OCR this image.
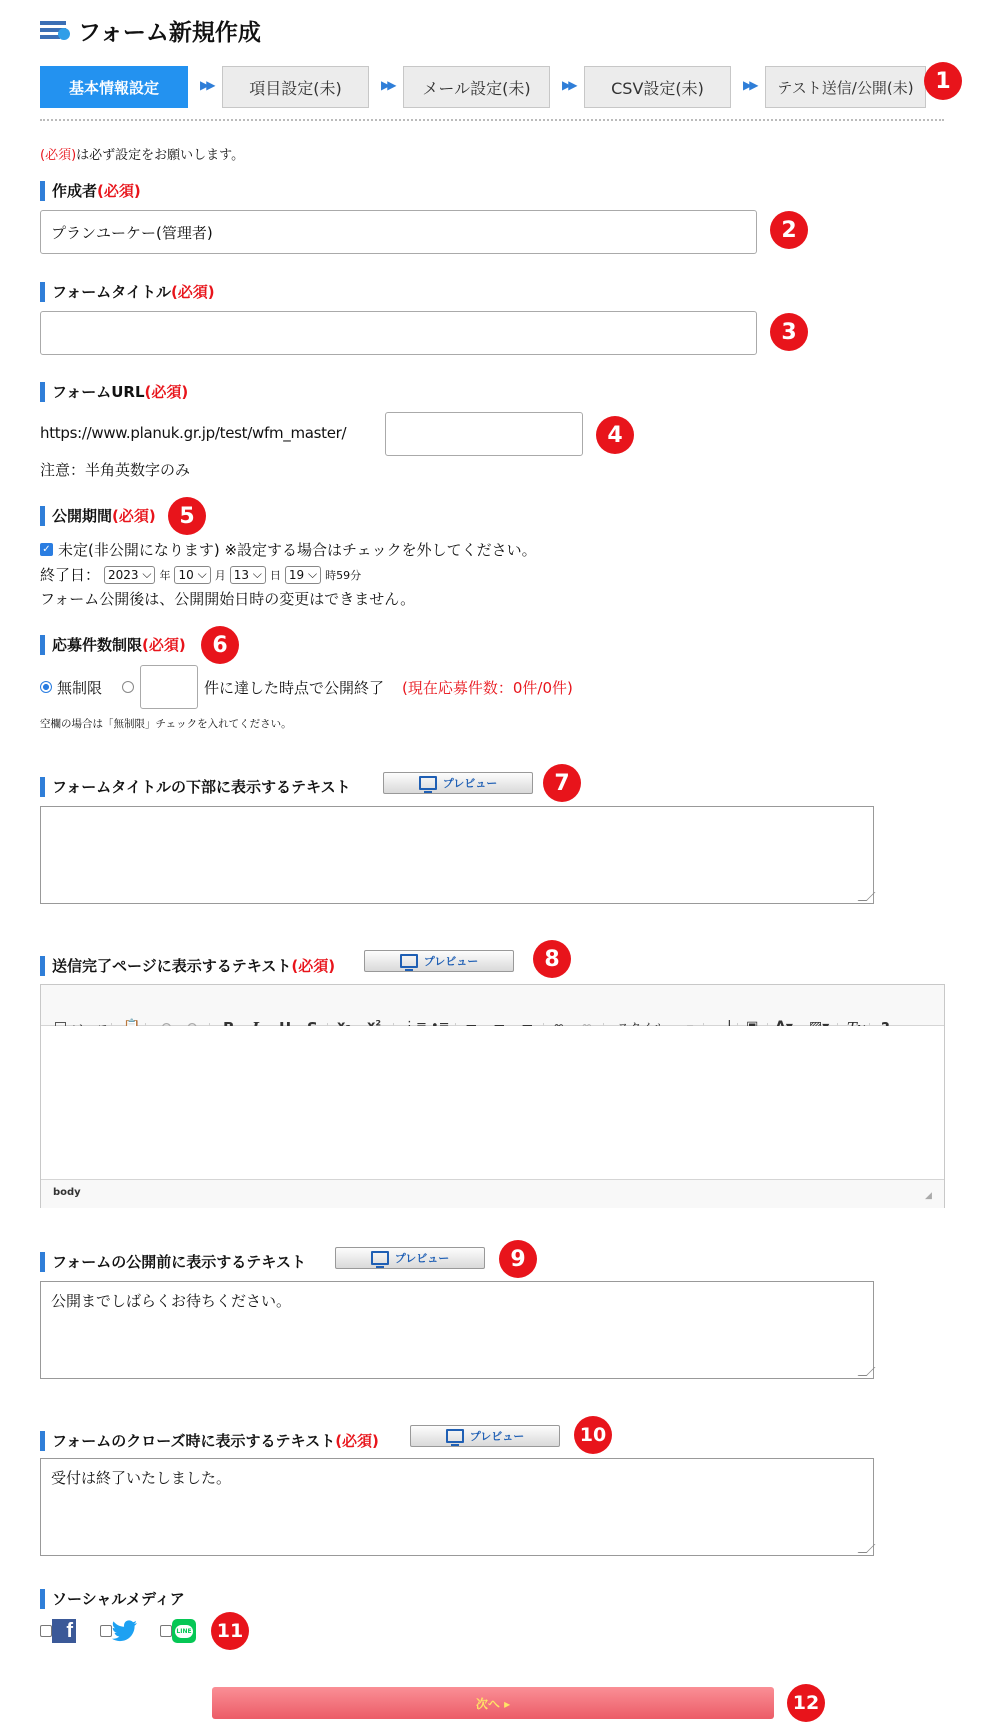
フォーム新規作成
基本情報設定	▶▶ 項目設定(未)	▶▶ メール設定(未)	▶▶ CSV設定(未)	▶▶ テスト送信/公開(未) 1
(必須)は必ず設定をお願いします。
作成者 (必須)
プランユーケー(管理者)	2
フォームタイトル (必須)
3
フォームURL (必須)
https://www.planuk.gr.jp/test/wfm_master/	4
注意：半角英数字のみ
公開期間 (必須)	5
✓ 未定(非公開になります) ※設定する場合はチェックを外してください。
終了日： 2023 ⌵ 年 10 ⌵ 月 13 ⌵ 日 19 ⌵ 時59分
フォーム公開後は、公開開始日時の変更はできません。
応募件数制限 (必須)	6
無制限	件に達した時点で公開終了 (現在応募件数：0件/0件)
空欄の場合は「無制限」チェックを入れてください。
フォームタイトルの下部に表示するテキスト	プレビュー	7
送信完了ページに表示するテキスト (必須)	プレビュー	8
body	◢
フォームの公開前に表示するテキスト	プレビュー	9
公開までしばらくお待ちください。
フォームのクローズ時に表示するテキスト (必須)	プレビュー	10
受付は終了いたしました。
ソーシャルメディア
f	LINE	11
次へ ▸	12
